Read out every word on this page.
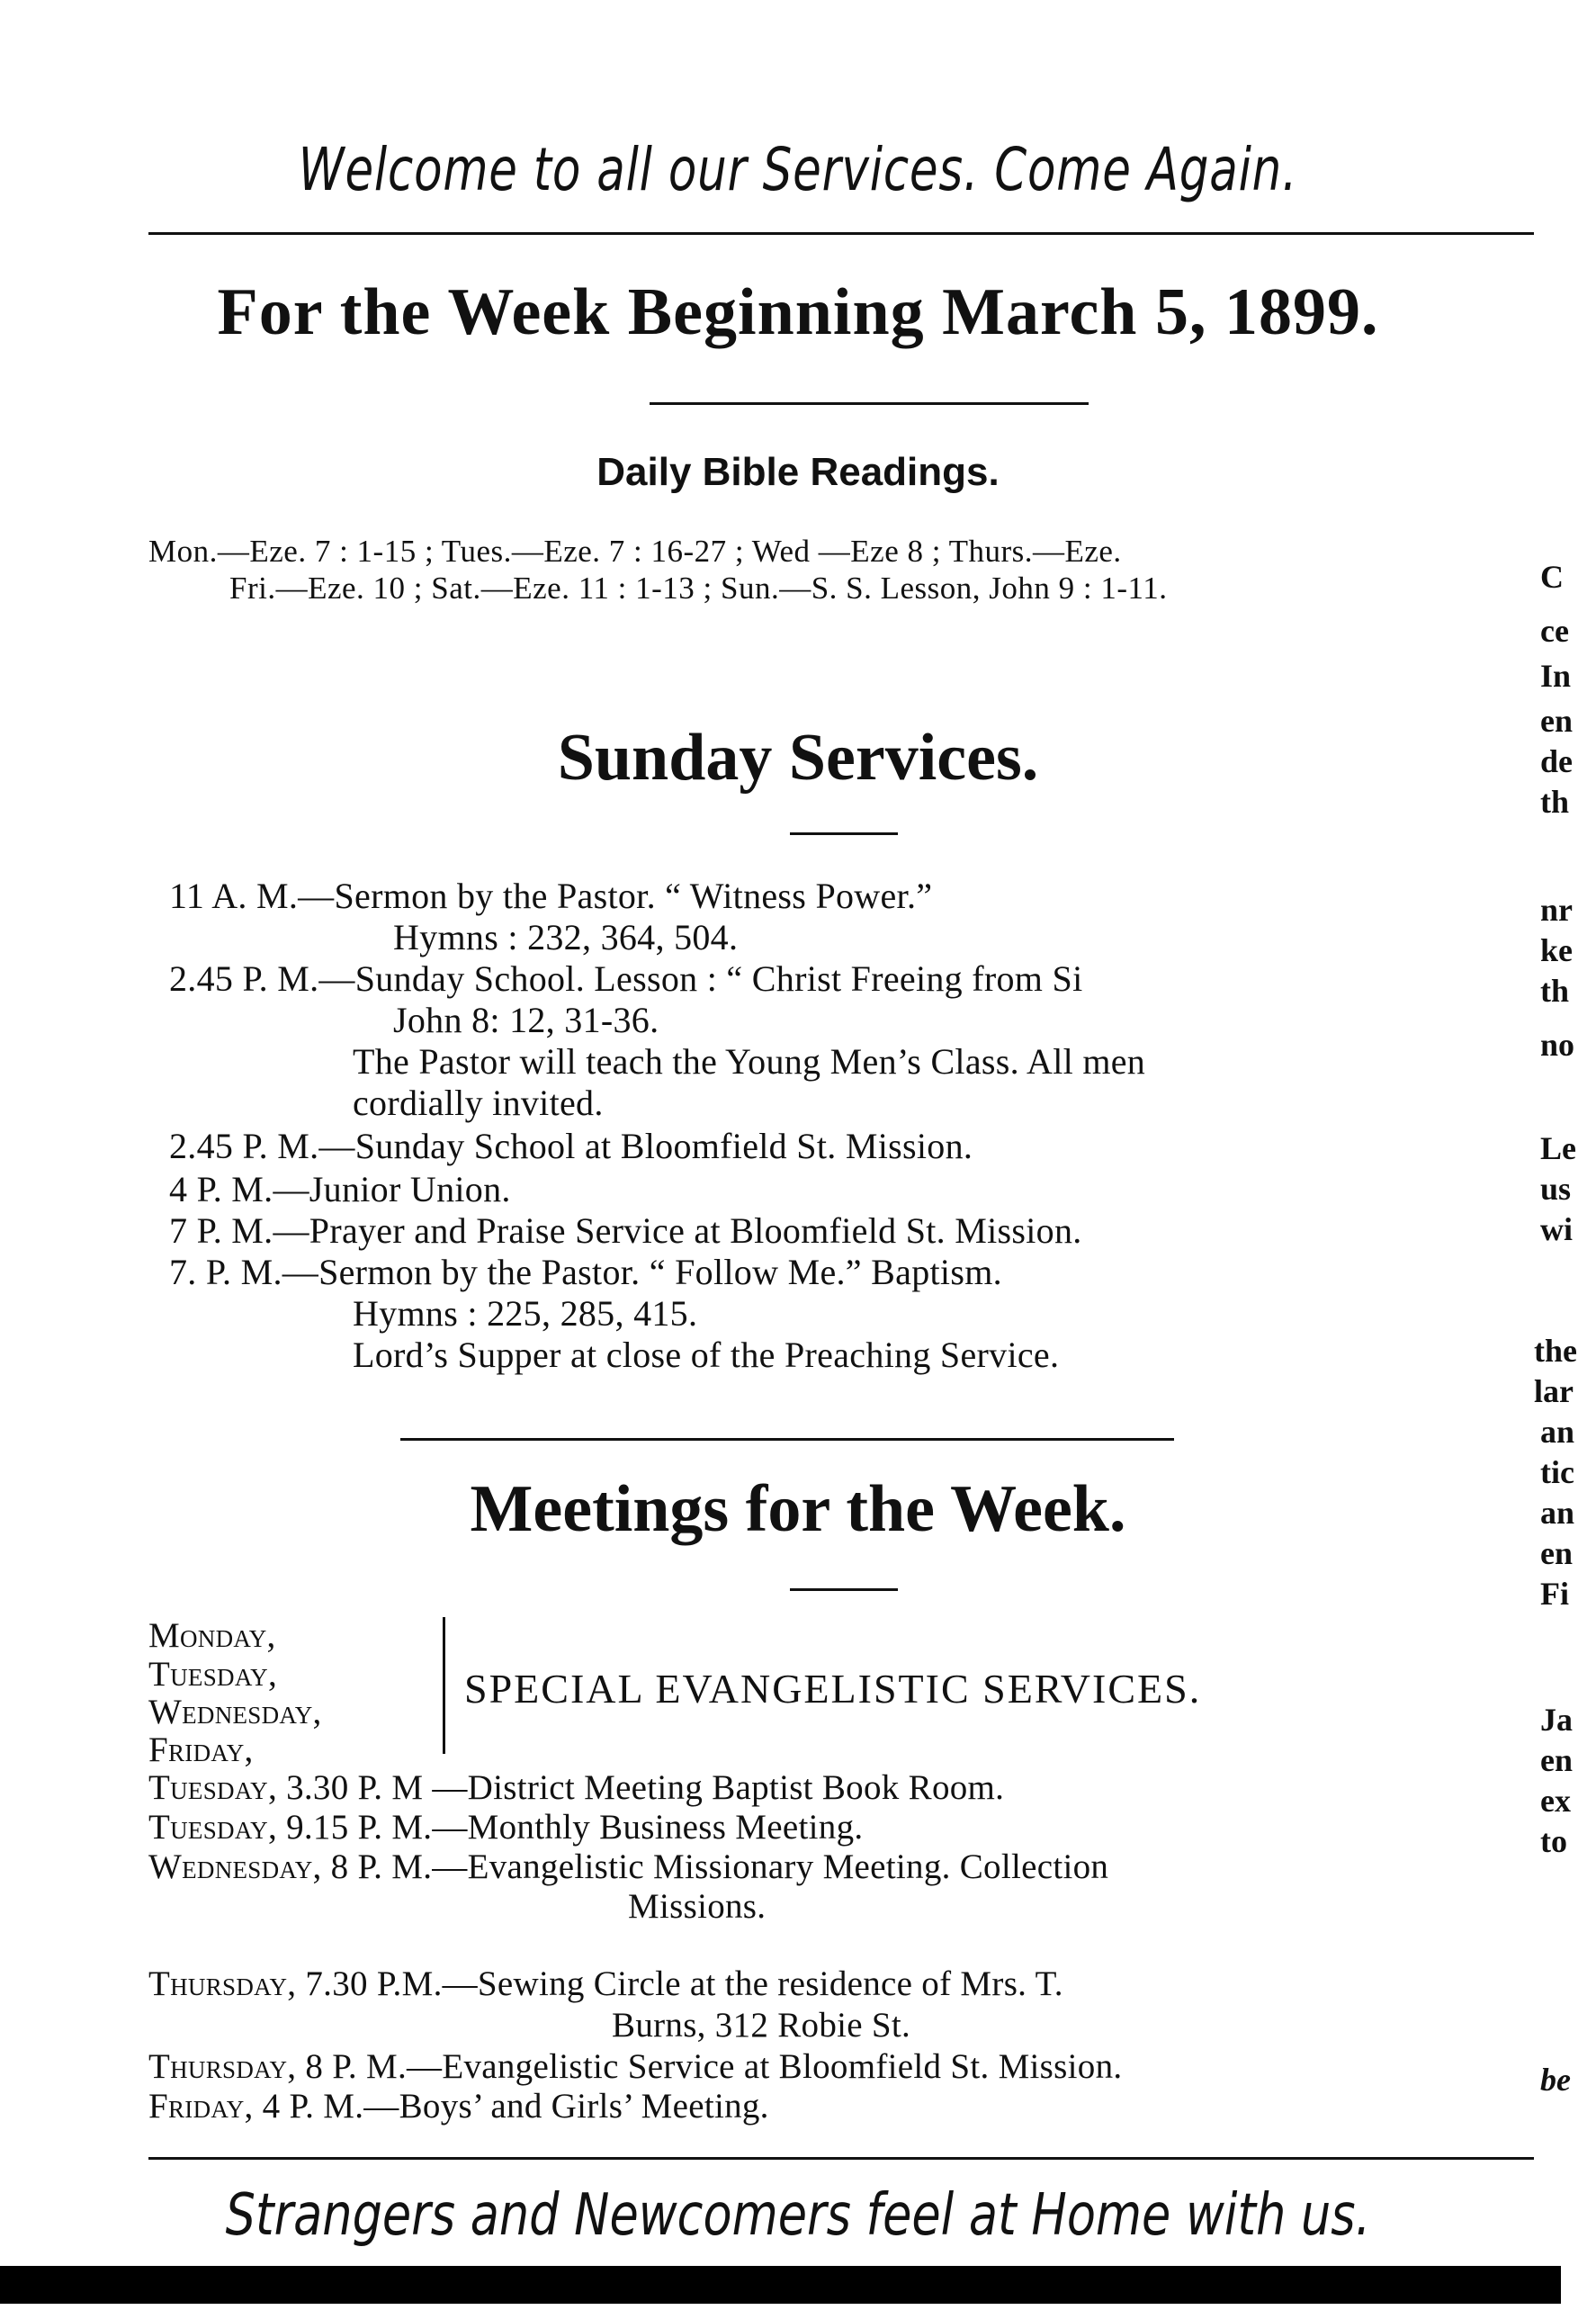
Welcome to all our Services. Come Again.
For the Week Beginning March 5, 1899.
Daily Bible Readings.
Mon.—Eze. 7 : 1-15 ; Tues.—Eze. 7 : 16-27 ; Wed —Eze 8 ; Thurs.—Eze.
Fri.—Eze. 10 ; Sat.—Eze. 11 : 1-13 ; Sun.—S. S. Lesson, John 9 : 1-11.
Sunday Services.
11 A. M.—Sermon by the Pastor. “ Witness Power.”
Hymns : 232, 364, 504.
2.45 P. M.—Sunday School. Lesson : “ Christ Freeing from Si
John 8: 12, 31-36.
The Pastor will teach the Young Men’s Class. All men
cordially invited.
2.45 P. M.—Sunday School at Bloomfield St. Mission.
4 P. M.—Junior Union.
7 P. M.—Prayer and Praise Service at Bloomfield St. Mission.
7. P. M.—Sermon by the Pastor. “ Follow Me.” Baptism.
Hymns : 225, 285, 415.
Lord’s Supper at close of the Preaching Service.
Meetings for the Week.
Monday,
Tuesday,
Wednesday,
Friday,
SPECIAL EVANGELISTIC SERVICES.
Tuesday, 3.30 P. M —District Meeting Baptist Book Room.
Tuesday, 9.15 P. M.—Monthly Business Meeting.
Wednesday, 8 P. M.—Evangelistic Missionary Meeting. Collection
Missions.
Thursday, 7.30 P.M.—Sewing Circle at the residence of Mrs. T.
Burns, 312 Robie St.
Thursday, 8 P. M.—Evangelistic Service at Bloomfield St. Mission.
Friday, 4 P. M.—Boys’ and Girls’ Meeting.
Strangers and Newcomers feel at Home with us.
C
ce
In
en
de
th
nr
ke
th
no
Le
us
wi
the
lar
an
tic
an
en
Fi
Ja
en
ex
to
be
